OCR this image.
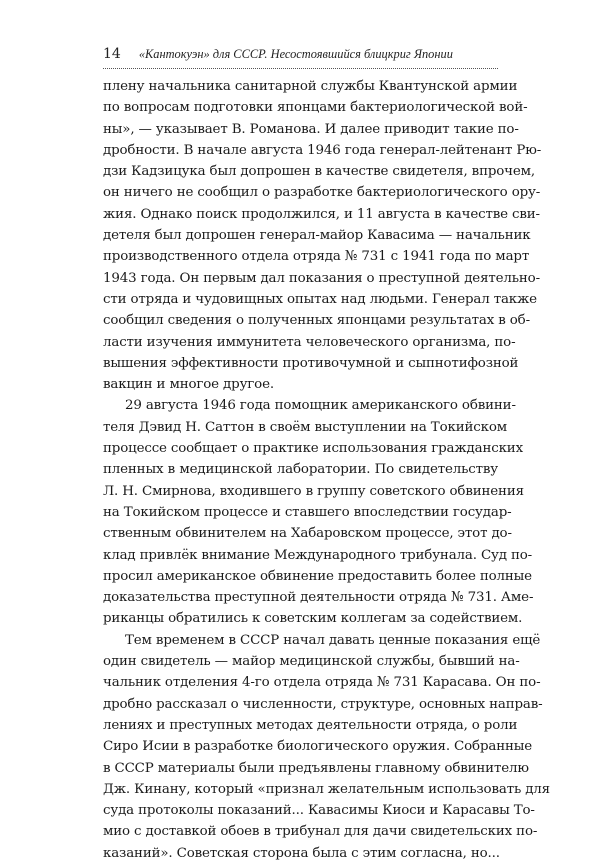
14 «Кантокуэн» для СССР. Несостоявшийся блицкриг Японии
плену начальника санитарной службы Квантунской армии
по вопросам подготовки японцами бактериологической вой-
ны», — указывает В. Романова. И далее приводит такие по-
дробности. В начале августа 1946 года генерал-лейтенант Рю-
дзи Кадзицука был допрошен в качестве свидетеля, впрочем,
он ничего не сообщил о разработке бактериологического ору-
жия. Однако поиск продолжился, и 11 августа в качестве сви-
детеля был допрошен генерал-майор Кавасима — начальник
производственного отдела отряда № 731 с 1941 года по март
1943 года. Он первым дал показания о преступной деятельно-
сти отряда и чудовищных опытах над людьми. Генерал также
сообщил сведения о полученных японцами результатах в об-
ласти изучения иммунитета человеческого организма, по-
вышения эффективности противочумной и сыпнотифозной
вакцин и многое другое.
29 августа 1946 года помощник американского обвини-
теля Дэвид Н. Саттон в своём выступлении на Токийском
процессе сообщает о практике использования гражданских
пленных в медицинской лаборатории. По свидетельству
Л. Н. Смирнова, входившего в группу советского обвинения
на Токийском процессе и ставшего впоследствии государ-
ственным обвинителем на Хабаровском процессе, этот до-
клад привлёк внимание Международного трибунала. Суд по-
просил американское обвинение предоставить более полные
доказательства преступной деятельности отряда № 731. Аме-
риканцы обратились к советским коллегам за содействием.
Тем временем в СССР начал давать ценные показания ещё
один свидетель — майор медицинской службы, бывший на-
чальник отделения 4-го отдела отряда № 731 Карасава. Он по-
дробно рассказал о численности, структуре, основных направ-
лениях и преступных методах деятельности отряда, о роли
Сиро Исии в разработке биологического оружия. Собранные
в СССР материалы были предъявлены главному обвинителю
Дж. Кинану, который «признал желательным использовать для
суда протоколы показаний... Кавасимы Киоси и Карасавы То-
мио с доставкой обоев в трибунал для дачи свидетельских по-
казаний». Советская сторона была с этим согласна, но...
